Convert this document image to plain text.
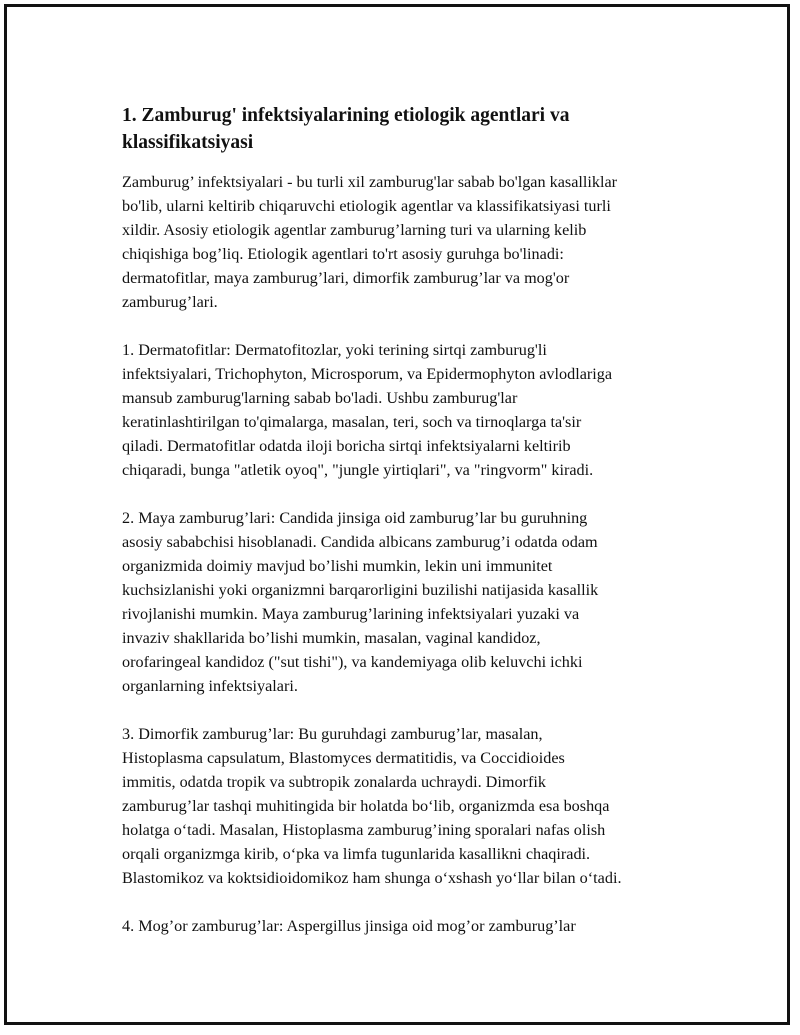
1. Zamburug' infektsiyalarining etiologik agentlari va
klassifikatsiyasi

Zamburug’ infektsiyalari - bu turli xil zamburug'lar sabab bo'lgan kasalliklar
bo'lib, ularni keltirib chiqaruvchi etiologik agentlar va klassifikatsiyasi turli
xildir. Asosiy etiologik agentlar zamburug’larning turi va ularning kelib
chiqishiga bog’liq. Etiologik agentlari to'rt asosiy guruhga bo'linadi:
dermatofitlar, maya zamburug’lari, dimorfik zamburug’lar va mog'or
zamburug’lari.

1. Dermatofitlar: Dermatofitozlar, yoki terining sirtqi zamburug'li
infektsiyalari, Trichophyton, Microsporum, va Epidermophyton avlodlariga
mansub zamburug'larning sabab bo'ladi. Ushbu zamburug'lar
keratinlashtirilgan to'qimalarga, masalan, teri, soch va tirnoqlarga ta'sir
qiladi. Dermatofitlar odatda iloji boricha sirtqi infektsiyalarni keltirib
chiqaradi, bunga "atletik oyoq", "jungle yirtiqlari", va "ringvorm" kiradi.

2. Maya zamburug’lari: Candida jinsiga oid zamburug’lar bu guruhning
asosiy sababchisi hisoblanadi. Candida albicans zamburug’i odatda odam
organizmida doimiy mavjud bo’lishi mumkin, lekin uni immunitet
kuchsizlanishi yoki organizmni barqarorligini buzilishi natijasida kasallik
rivojlanishi mumkin. Maya zamburug’larining infektsiyalari yuzaki va
invaziv shakllarida bo’lishi mumkin, masalan, vaginal kandidoz,
orofaringeal kandidoz ("sut tishi"), va kandemiyaga olib keluvchi ichki
organlarning infektsiyalari.

3. Dimorfik zamburug’lar: Bu guruhdagi zamburug’lar, masalan,
Histoplasma capsulatum, Blastomyces dermatitidis, va Coccidioides
immitis, odatda tropik va subtropik zonalarda uchraydi. Dimorfik
zamburug’lar tashqi muhitingida bir holatda bo‘lib, organizmda esa boshqa
holatga o‘tadi. Masalan, Histoplasma zamburug’ining sporalari nafas olish
orqali organizmga kirib, o‘pka va limfa tugunlarida kasallikni chaqiradi.
Blastomikoz va koktsidioidomikoz ham shunga o‘xshash yo‘llar bilan o‘tadi.

4. Mog’or zamburug’lar: Aspergillus jinsiga oid mog’or zamburug’lar
